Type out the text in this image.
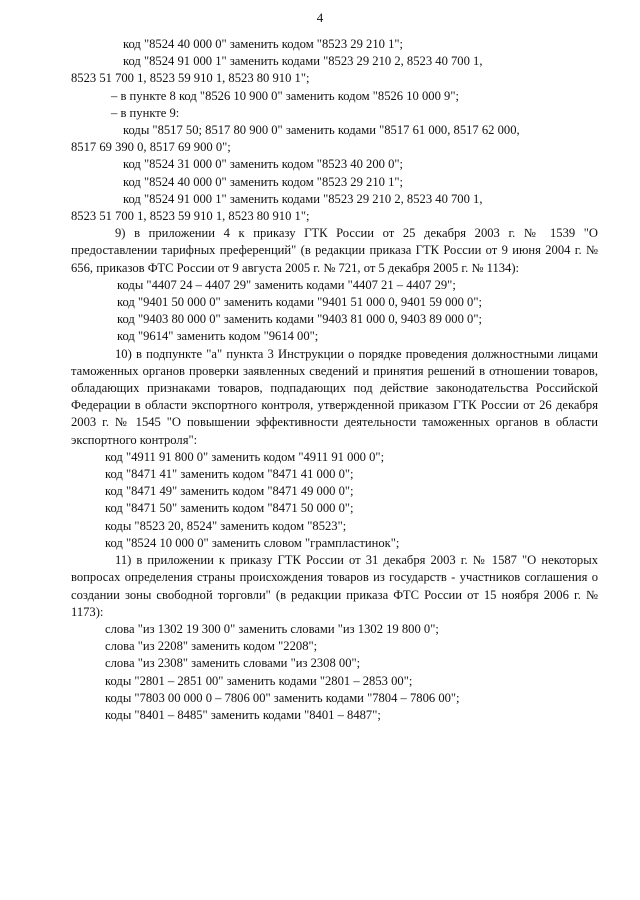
4

код "8524 40 000 0" заменить кодом "8523 29 210 1";

код "8524 91 000 1" заменить кодами "8523 29 210 2, 8523 40 700 1,

8523 51 700 1, 8523 59 910 1, 8523 80 910 1";

– в пункте 8 код "8526 10 900 0" заменить кодом "8526 10 000 9";

– в пункте 9:

коды "8517 50; 8517 80 900 0" заменить кодами "8517 61 000, 8517 62 000,

8517 69 390 0, 8517 69 900 0";

код "8524 31 000 0" заменить кодом "8523 40 200 0";

код "8524 40 000 0" заменить кодом "8523 29 210 1";

код "8524 91 000 1" заменить кодами "8523 29 210 2, 8523 40 700 1,

8523 51 700 1, 8523 59 910 1, 8523 80 910 1";

9) в приложении 4 к приказу ГТК России от 25 декабря 2003 г. № 1539 "О предоставлении тарифных преференций" (в редакции приказа ГТК России от 9 июня 2004 г. № 656, приказов ФТС России от 9 августа 2005 г. № 721, от 5 декабря 2005 г. № 1134):

коды "4407 24 – 4407 29" заменить кодами "4407 21 – 4407 29";

код "9401 50 000 0" заменить кодами "9401 51 000 0, 9401 59 000 0";

код "9403 80 000 0" заменить кодами "9403 81 000 0, 9403 89 000 0";

код "9614" заменить кодом "9614 00";

10) в подпункте "а" пункта 3 Инструкции о порядке проведения должностными лицами таможенных органов проверки заявленных сведений и принятия решений в отношении товаров, обладающих признаками товаров, подпадающих под действие законодательства Российской Федерации в области экспортного контроля, утвержденной приказом ГТК России от 26 декабря 2003 г. № 1545 "О повышении эффективности деятельности таможенных органов в области экспортного контроля":

код "4911 91 800 0" заменить кодом "4911 91 000 0";

код "8471 41" заменить кодом "8471 41 000 0";

код "8471 49" заменить кодом "8471 49 000 0";

код "8471 50" заменить кодом "8471 50 000 0";

коды "8523 20, 8524" заменить кодом "8523";

код "8524 10 000 0" заменить словом "грампластинок";

11) в приложении к приказу ГТК России от 31 декабря 2003 г. № 1587 "О некоторых вопросах определения страны происхождения товаров из государств - участников соглашения о создании зоны свободной торговли" (в редакции приказа ФТС России от 15 ноября 2006 г. № 1173):

слова "из 1302 19 300 0" заменить словами "из 1302 19 800 0";

слова "из 2208" заменить кодом "2208";

слова "из 2308" заменить словами "из 2308 00";

коды "2801 – 2851 00" заменить кодами "2801 – 2853 00";

коды "7803 00 000 0 – 7806 00" заменить кодами "7804 – 7806 00";

коды "8401 – 8485" заменить кодами "8401 – 8487";
